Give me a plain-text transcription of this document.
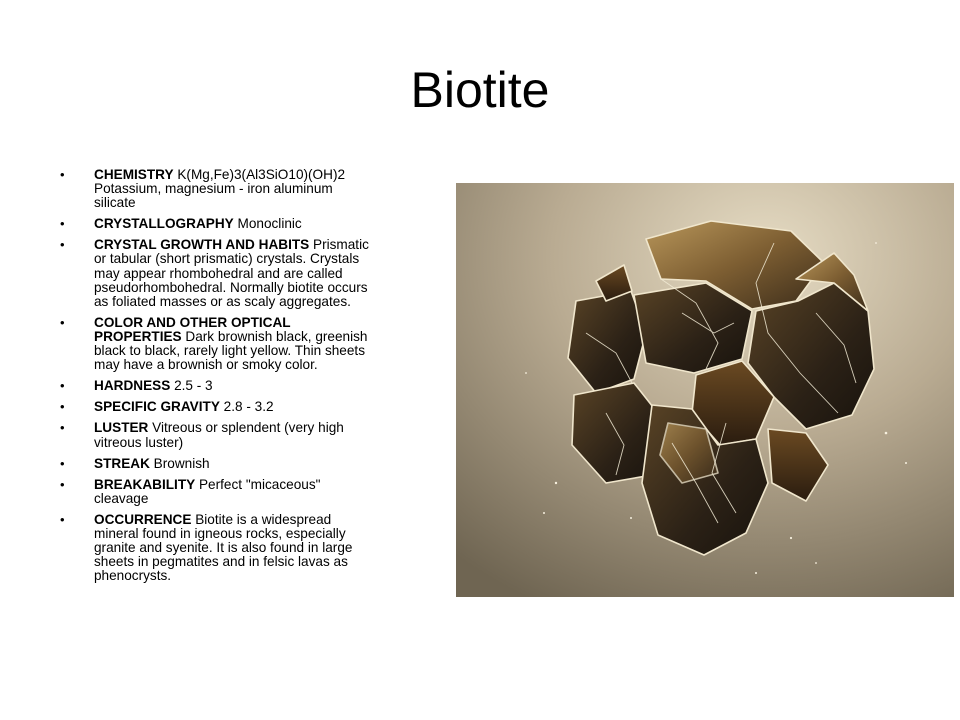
Biotite
• CHEMISTRY K(Mg,Fe)3(Al3SiO10)(OH)2 Potassium, magnesium - iron aluminum silicate
• CRYSTALLOGRAPHY Monoclinic
• CRYSTAL GROWTH AND HABITS Prismatic or tabular (short prismatic) crystals. Crystals may appear rhombohedral and are called pseudorhombohedral. Normally biotite occurs as foliated masses or as scaly aggregates.
• COLOR AND OTHER OPTICAL PROPERTIES Dark brownish black, greenish black to black, rarely light yellow. Thin sheets may have a brownish or smoky color.
• HARDNESS 2.5 - 3
• SPECIFIC GRAVITY 2.8 - 3.2
• LUSTER Vitreous or splendent (very high vitreous luster)
• STREAK Brownish
• BREAKABILITY Perfect "micaceous" cleavage
• OCCURRENCE Biotite is a widespread mineral found in igneous rocks, especially granite and syenite. It is also found in large sheets in pegmatites and in felsic lavas as phenocrysts.
